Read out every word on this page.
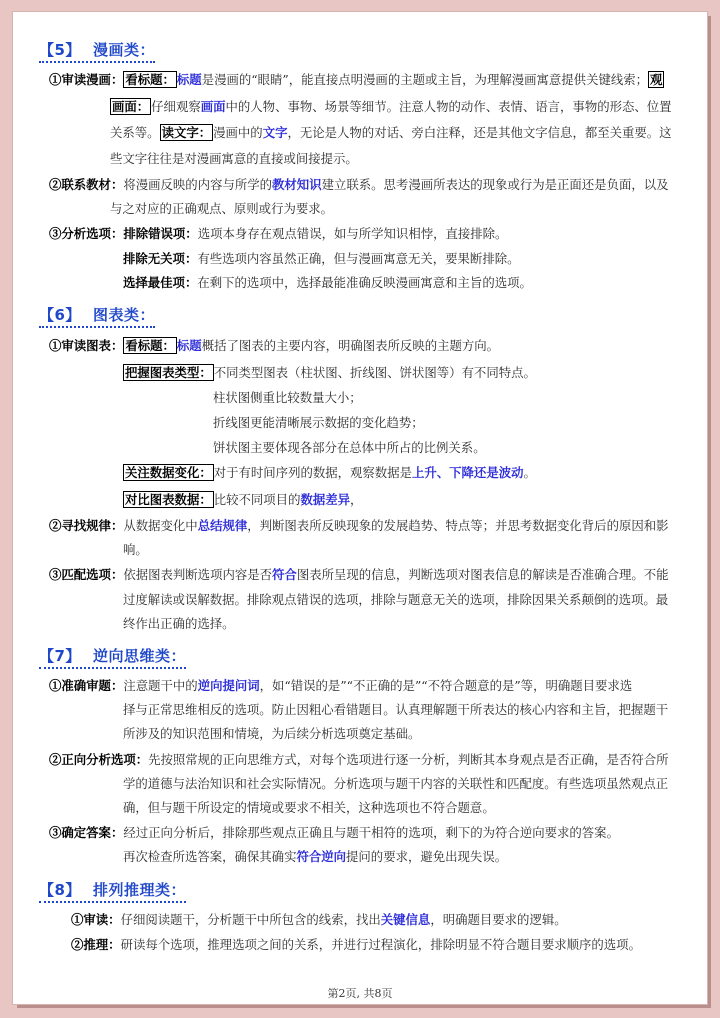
【5】 漫画类：
①审读漫画： 看标题： 标题是漫画的“眼睛”，能直接点明漫画的主题或主旨，为理解漫画寓意提供关键线索； 观
画面： 仔细观察画面中的人物、事物、场景等细节。注意人物的动作、表情、语言，事物的形态、位置
关系等。 读文字： 漫画中的文字，无论是人物的对话、旁白注释，还是其他文字信息，都至关重要。这
些文字往往是对漫画寓意的直接或间接提示。
②联系教材：将漫画反映的内容与所学的教材知识建立联系。思考漫画所表达的现象或行为是正面还是负面，以及
与之对应的正确观点、原则或行为要求。
③分析选项：排除错误项：选项本身存在观点错误，如与所学知识相悖，直接排除。
排除无关项：有些选项内容虽然正确，但与漫画寓意无关，要果断排除。
选择最佳项：在剩下的选项中，选择最能准确反映漫画寓意和主旨的选项。
【6】 图表类：
①审读图表： 看标题： 标题概括了图表的主要内容，明确图表所反映的主题方向。
把握图表类型： 不同类型图表（柱状图、折线图、饼状图等）有不同特点。
柱状图侧重比较数量大小；
折线图更能清晰展示数据的变化趋势；
饼状图主要体现各部分在总体中所占的比例关系。
关注数据变化： 对于有时间序列的数据，观察数据是上升、下降还是波动。
对比图表数据： 比较不同项目的数据差异，
②寻找规律：从数据变化中总结规律，判断图表所反映现象的发展趋势、特点等；并思考数据变化背后的原因和影
响。
③匹配选项：依据图表判断选项内容是否符合图表所呈现的信息，判断选项对图表信息的解读是否准确合理。不能
过度解读或误解数据。排除观点错误的选项，排除与题意无关的选项，排除因果关系颠倒的选项。最
终作出正确的选择。
【7】 逆向思维类：
①准确审题：注意题干中的逆向提问词，如“错误的是”“不正确的是”“不符合题意的是”等，明确题目要求选
择与正常思维相反的选项。防止因粗心看错题目。认真理解题干所表达的核心内容和主旨，把握题干
所涉及的知识范围和情境，为后续分析选项奠定基础。
②正向分析选项：先按照常规的正向思维方式，对每个选项进行逐一分析，判断其本身观点是否正确，是否符合所
学的道德与法治知识和社会实际情况。分析选项与题干内容的关联性和匹配度。有些选项虽然观点正
确，但与题干所设定的情境或要求不相关，这种选项也不符合题意。
③确定答案：经过正向分析后，排除那些观点正确且与题干相符的选项，剩下的为符合逆向要求的答案。
再次检查所选答案，确保其确实符合逆向提问的要求，避免出现失误。
【8】 排列推理类：
①审读：仔细阅读题干，分析题干中所包含的线索，找出关键信息，明确题目要求的逻辑。
②推理：研读每个选项，推理选项之间的关系，并进行过程演化，排除明显不符合题目要求顺序的选项。
第2页, 共8页
